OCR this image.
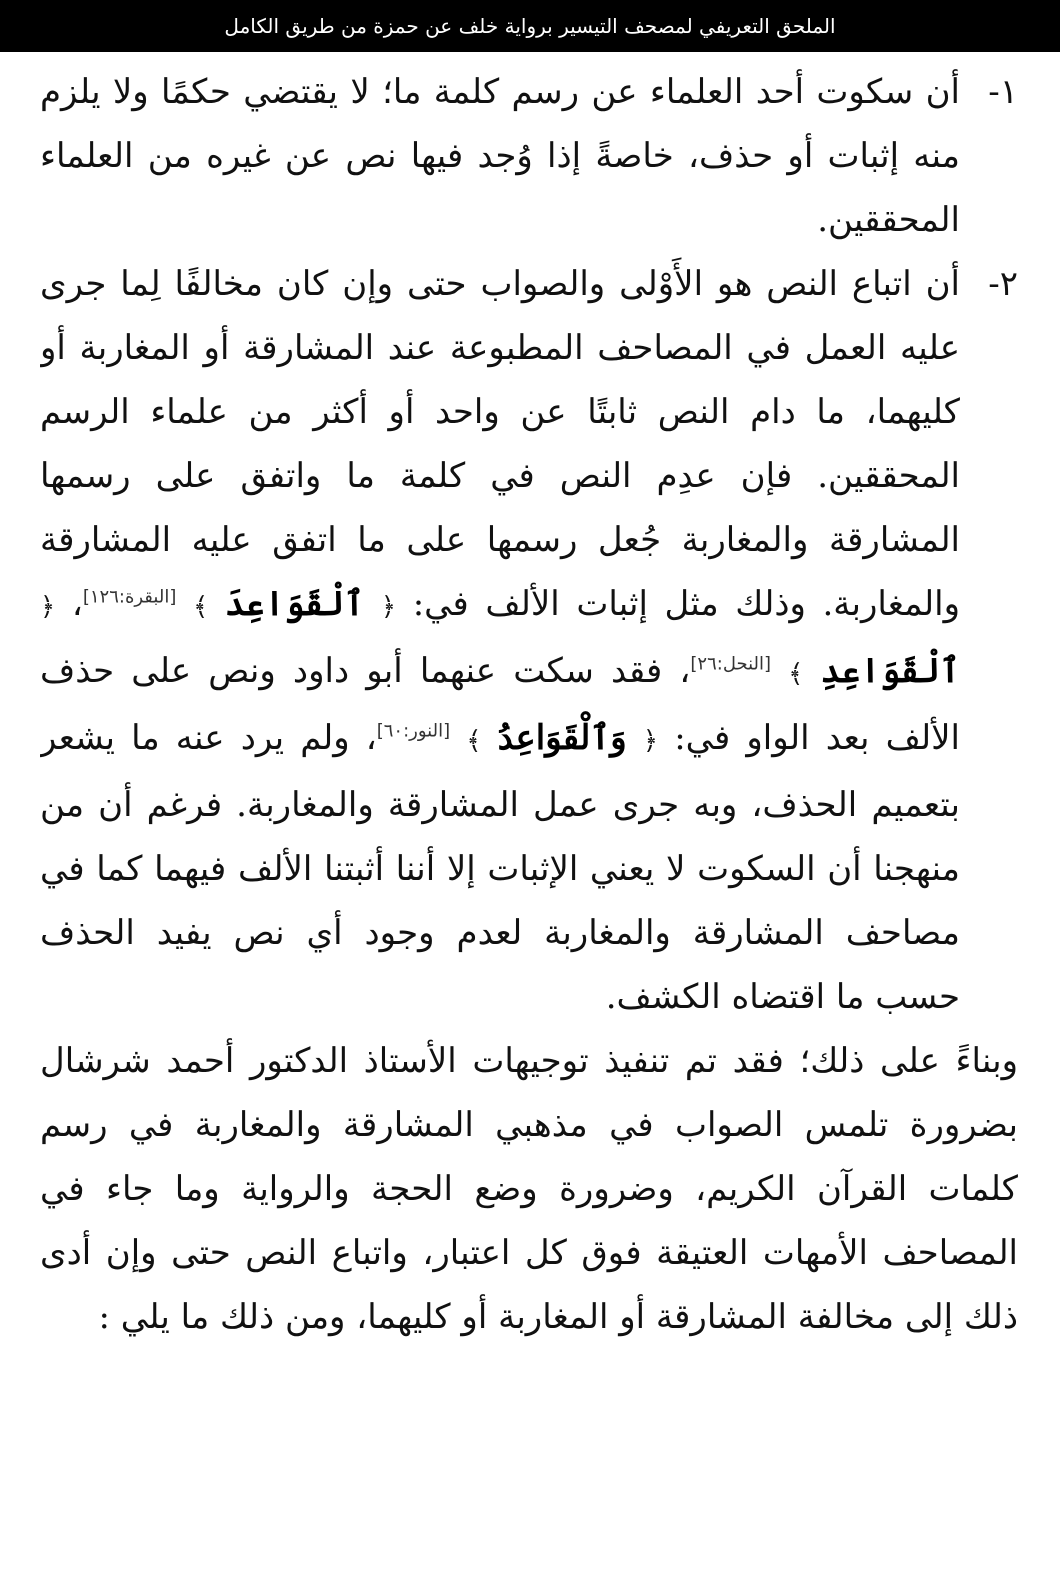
الملحق التعريفي لمصحف التيسير برواية خلف عن حمزة من طريق الكامل
١-
أن سكوت أحد العلماء عن رسم كلمة ما؛ لا يقتضي حكمًا ولا يلزم منه إثبات أو حذف، خاصةً إذا وُجد فيها نص عن غيره من العلماء المحققين.
٢-
أن اتباع النص هو الأَوْلى والصواب حتى وإن كان مخالفًا لِما جرى عليه العمل في المصاحف المطبوعة عند المشارقة أو المغاربة أو كليهما، ما دام النص ثابتًا عن واحد أو أكثر من علماء الرسم المحققين. فإن عدِم النص في كلمة ما واتفق على رسمها المشارقة والمغاربة جُعل رسمها على ما اتفق عليه المشارقة والمغاربة. وذلك مثل إثبات الألف في: ﴿ ٱلْقَوَاعِدَ ﴾ [البقرة:١٢٦]، ﴿ ٱلْقَوَاعِدِ ﴾ [النحل:٢٦]، فقد سكت عنهما أبو داود ونص على حذف الألف بعد الواو في: ﴿ وَٱلْقَوَاعِدُ ﴾ [النور:٦٠]، ولم يرد عنه ما يشعر بتعميم الحذف، وبه جرى عمل المشارقة والمغاربة. فرغم أن من منهجنا أن السكوت لا يعني الإثبات إلا أننا أثبتنا الألف فيهما كما في مصاحف المشارقة والمغاربة لعدم وجود أي نص يفيد الحذف حسب ما اقتضاه الكشف.
وبناءً على ذلك؛ فقد تم تنفيذ توجيهات الأستاذ الدكتور أحمد شرشال بضرورة تلمس الصواب في مذهبي المشارقة والمغاربة في رسم كلمات القرآن الكريم، وضرورة وضع الحجة والرواية وما جاء في المصاحف الأمهات العتيقة فوق كل اعتبار، واتباع النص حتى وإن أدى ذلك إلى مخالفة المشارقة أو المغاربة أو كليهما، ومن ذلك ما يلي :
